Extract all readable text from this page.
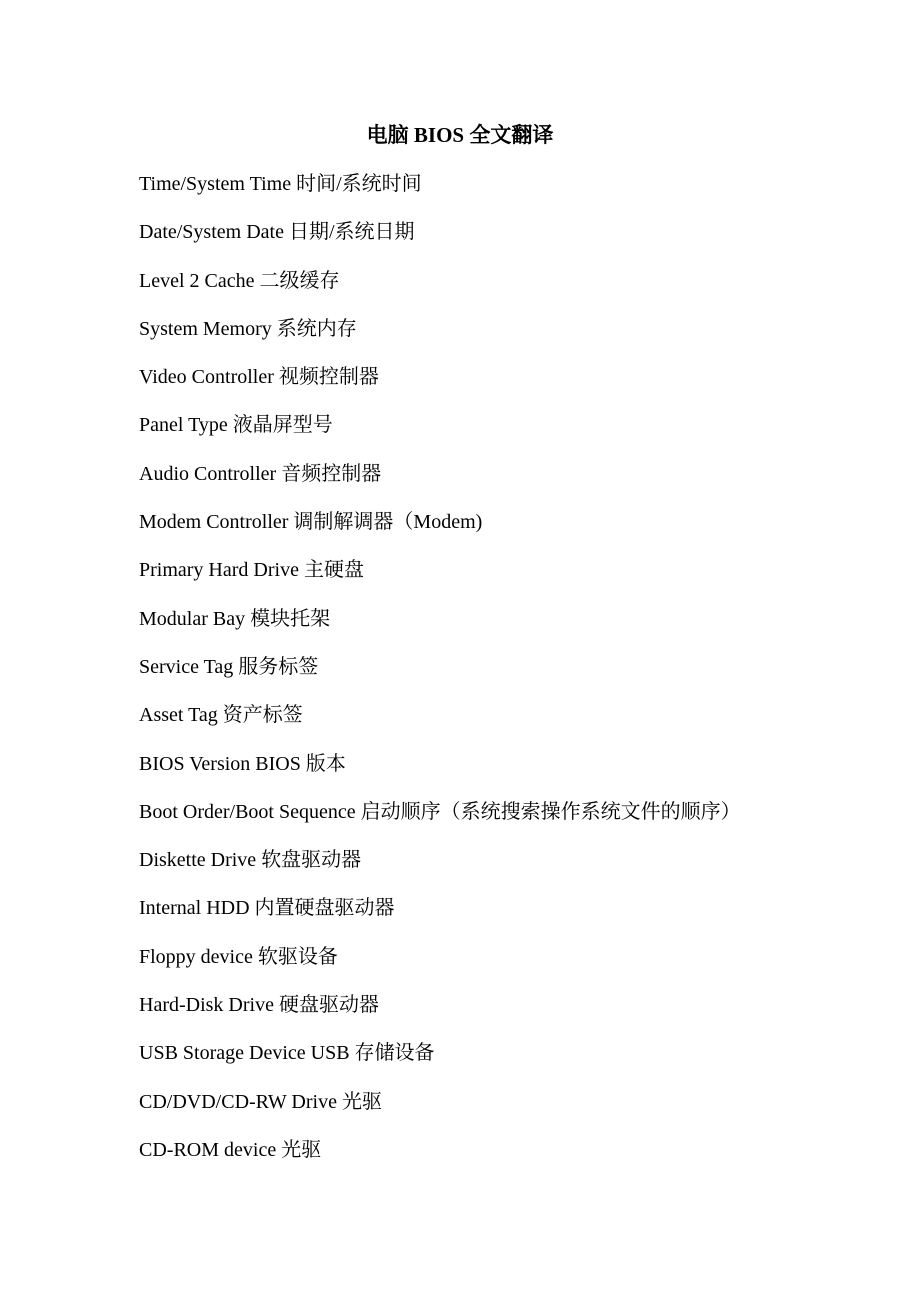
电脑 BIOS 全文翻译
Time/System Time 时间/系统时间
Date/System Date 日期/系统日期
Level 2 Cache 二级缓存
System Memory 系统内存
Video Controller 视频控制器
Panel Type 液晶屏型号
Audio Controller 音频控制器
Modem Controller 调制解调器（Modem)
Primary Hard Drive 主硬盘
Modular Bay 模块托架
Service Tag 服务标签
Asset Tag 资产标签
BIOS Version BIOS 版本
Boot Order/Boot Sequence 启动顺序（系统搜索操作系统文件的顺序）
Diskette Drive 软盘驱动器
Internal HDD 内置硬盘驱动器
Floppy device 软驱设备
Hard-Disk Drive 硬盘驱动器
USB Storage Device USB 存储设备
CD/DVD/CD-RW Drive 光驱
CD-ROM device 光驱
